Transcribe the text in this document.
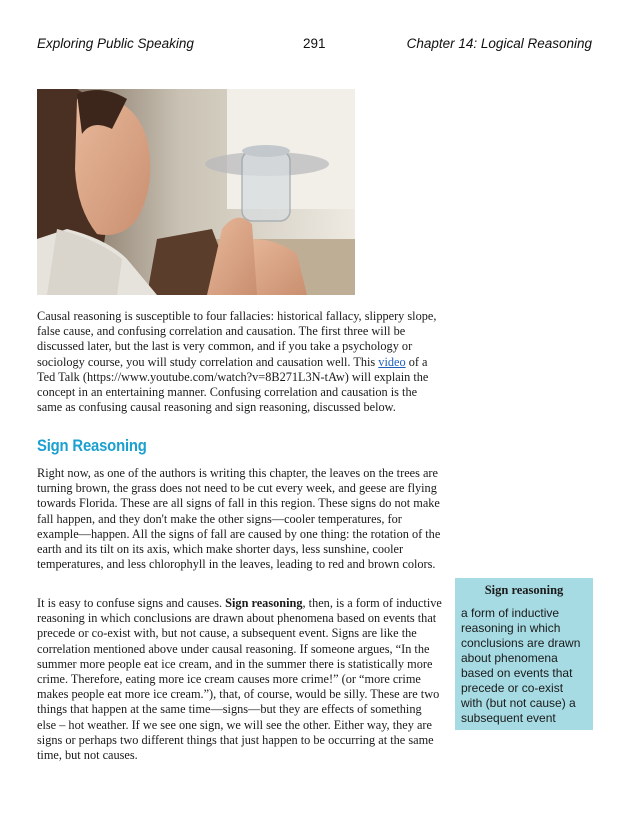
Exploring Public Speaking	291	Chapter 14: Logical Reasoning

Causal reasoning is susceptible to four fallacies: historical fallacy, slippery slope, false cause, and confusing correlation and causation. The first three will be discussed later, but the last is very common, and if you take a psychology or sociology course, you will study correlation and causation well. This video of a Ted Talk (https://www.youtube.com/watch?v=8B271L3N-tAw) will explain the concept in an entertaining manner. Confusing correlation and causation is the same as confusing causal reasoning and sign reasoning, discussed below.

Sign Reasoning

Right now, as one of the authors is writing this chapter, the leaves on the trees are turning brown, the grass does not need to be cut every week, and geese are flying towards Florida. These are all signs of fall in this region. These signs do not make fall happen, and they don't make the other signs—cooler temperatures, for example—happen. All the signs of fall are caused by one thing: the rotation of the earth and its tilt on its axis, which make shorter days, less sunshine, cooler temperatures, and less chlorophyll in the leaves, leading to red and brown colors.

It is easy to confuse signs and causes. Sign reasoning, then, is a form of inductive reasoning in which conclusions are drawn about phenomena based on events that precede or co-exist with, but not cause, a subsequent event. Signs are like the correlation mentioned above under causal reasoning. If someone argues, “In the summer more people eat ice cream, and in the summer there is statistically more crime. Therefore, eating more ice cream causes more crime!” (or “more crime makes people eat more ice cream.”), that, of course, would be silly. These are two things that happen at the same time—signs—but they are effects of something else – hot weather. If we see one sign, we will see the other. Either way, they are signs or perhaps two different things that just happen to be occurring at the same time, but not causes.

Sign reasoning
a form of inductive reasoning in which conclusions are drawn about phenomena based on events that precede or co-exist with (but not cause) a subsequent event
